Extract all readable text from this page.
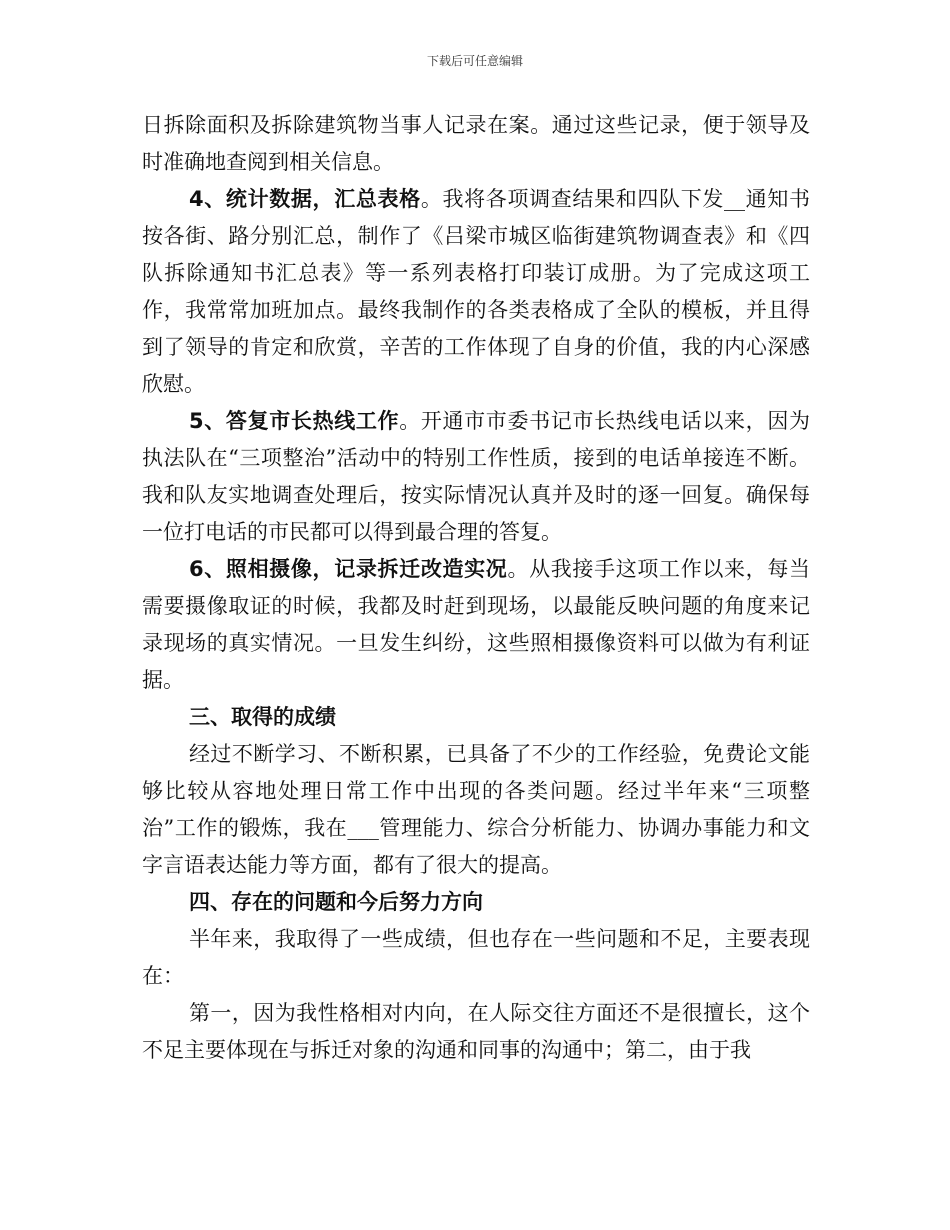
下载后可任意编辑

日拆除面积及拆除建筑物当事人记录在案。通过这些记录，便于领导及时准确地查阅到相关信息。

4、统计数据，汇总表格。我将各项调查结果和四队下发__通知书按各街、路分别汇总，制作了《吕梁市城区临街建筑物调查表》和《四队拆除通知书汇总表》等一系列表格打印装订成册。为了完成这项工作，我常常加班加点。最终我制作的各类表格成了全队的模板，并且得到了领导的肯定和欣赏，辛苦的工作体现了自身的价值，我的内心深感欣慰。

5、答复市长热线工作。开通市市委书记市长热线电话以来，因为执法队在“三项整治”活动中的特别工作性质，接到的电话单接连不断。我和队友实地调查处理后，按实际情况认真并及时的逐一回复。确保每一位打电话的市民都可以得到最合理的答复。

6、照相摄像，记录拆迁改造实况。从我接手这项工作以来，每当需要摄像取证的时候，我都及时赶到现场，以最能反映问题的角度来记录现场的真实情况。一旦发生纠纷，这些照相摄像资料可以做为有利证据。

三、取得的成绩

经过不断学习、不断积累，已具备了不少的工作经验，免费论文能够比较从容地处理日常工作中出现的各类问题。经过半年来“三项整治”工作的锻炼，我在___管理能力、综合分析能力、协调办事能力和文字言语表达能力等方面，都有了很大的提高。

四、存在的问题和今后努力方向

半年来，我取得了一些成绩，但也存在一些问题和不足，主要表现在：

第一，因为我性格相对内向，在人际交往方面还不是很擅长，这个不足主要体现在与拆迁对象的沟通和同事的沟通中；第二，由于我
